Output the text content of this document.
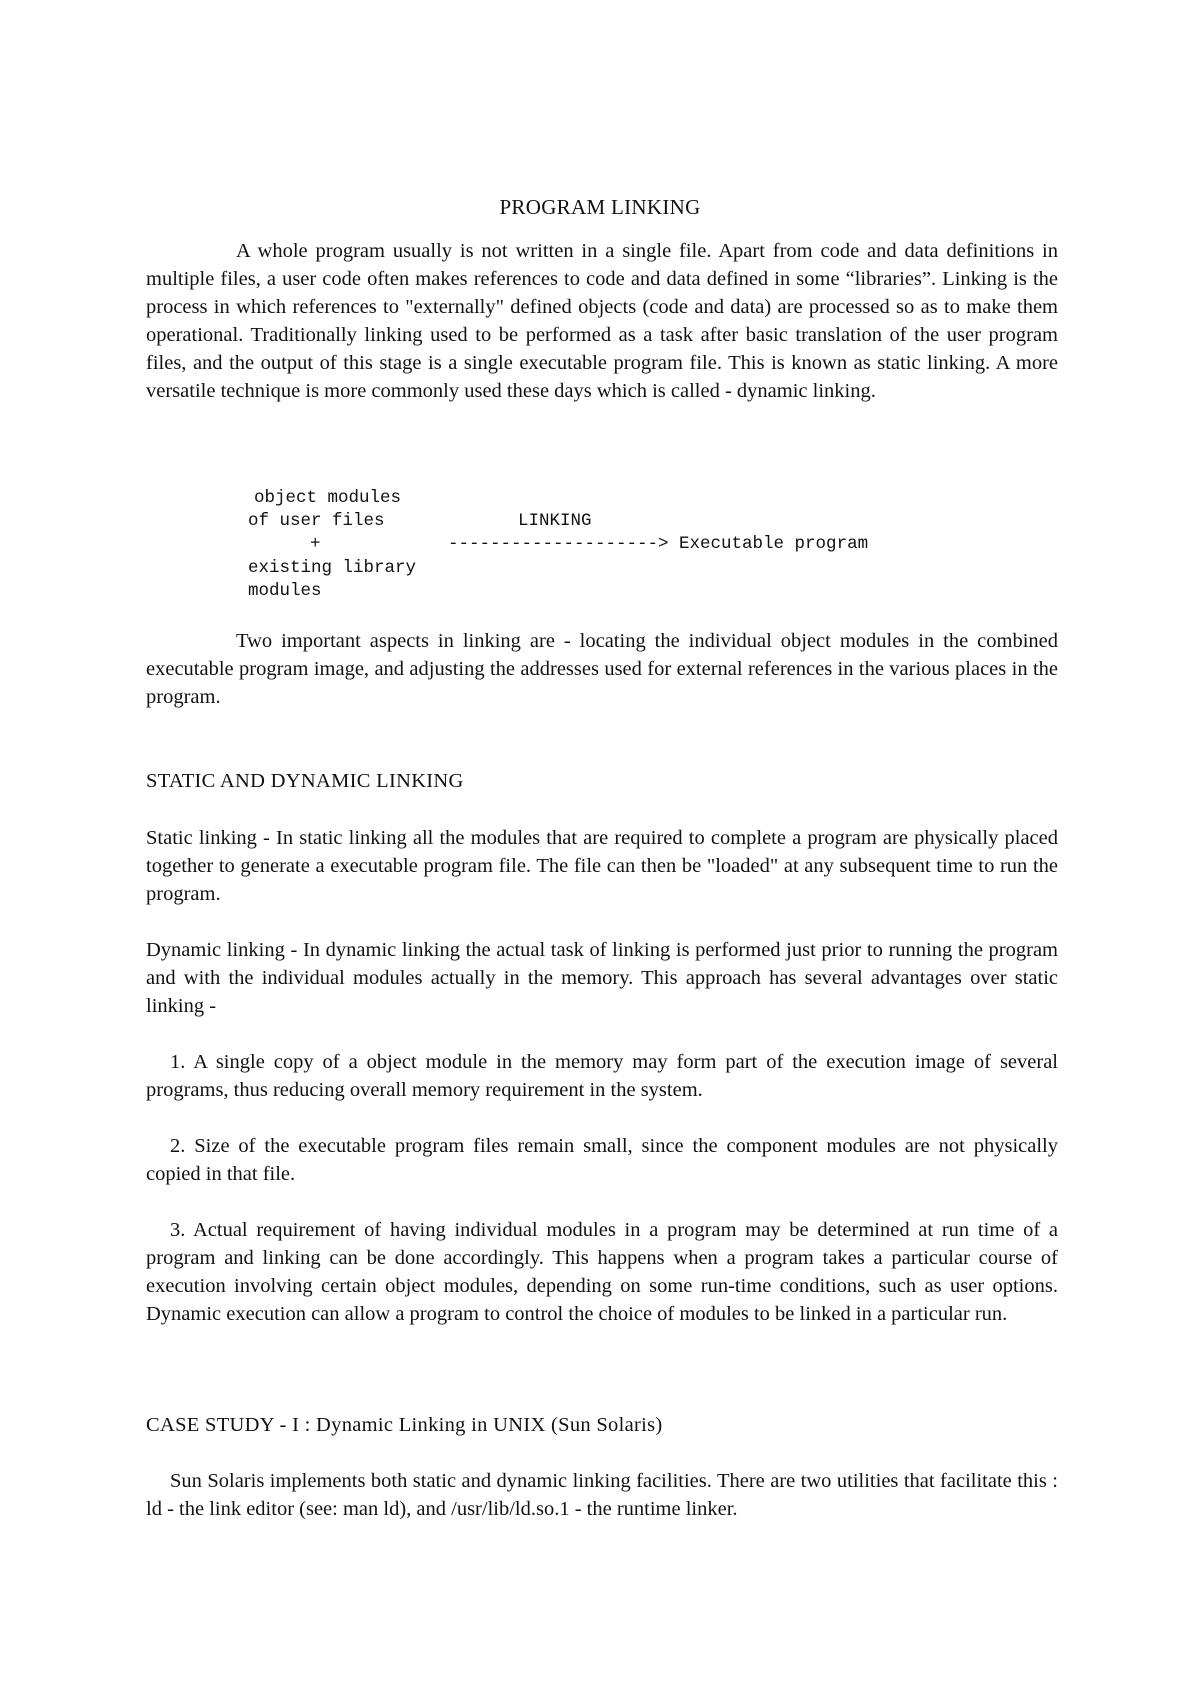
PROGRAM LINKING

A whole program usually is not written in a single file. Apart from code and data definitions in multiple files, a user code often makes references to code and data defined in some “libraries”. Linking is the process in which references to "externally" defined objects (code and data) are processed so as to make them operational. Traditionally linking used to be performed as a task after basic translation of the user program files, and the output of this stage is a single executable program file. This is known as static linking. A more versatile technique is more commonly used these days which is called - dynamic linking.

object modules

of user files

	LINKING

+

	--------------------> Executable program

existing library

modules

Two important aspects in linking are - locating the individual object modules in the combined executable program image, and adjusting the addresses used for external references in the various places in the program.

STATIC AND DYNAMIC LINKING

Static linking - In static linking all the modules that are required to complete a program are physically placed together to generate a executable program file. The file can then be "loaded" at any subsequent time to run the program.

Dynamic linking - In dynamic linking the actual task of linking is performed just prior to running the program and with the individual modules actually in the memory. This approach has several advantages over static linking -

1. A single copy of a object module in the memory may form part of the execution image of several programs, thus reducing overall memory requirement in the system.

2. Size of the executable program files remain small, since the component modules are not physically copied in that file.

3. Actual requirement of having individual modules in a program may be determined at run time of a program and linking can be done accordingly. This happens when a program takes a particular course of execution involving certain object modules, depending on some run-time conditions, such as user options. Dynamic execution can allow a program to control the choice of modules to be linked in a particular run.

CASE STUDY - I : Dynamic Linking in UNIX (Sun Solaris)

Sun Solaris implements both static and dynamic linking facilities. There are two utilities that facilitate this : ld - the link editor (see: man ld), and /usr/lib/ld.so.1 - the runtime linker.
